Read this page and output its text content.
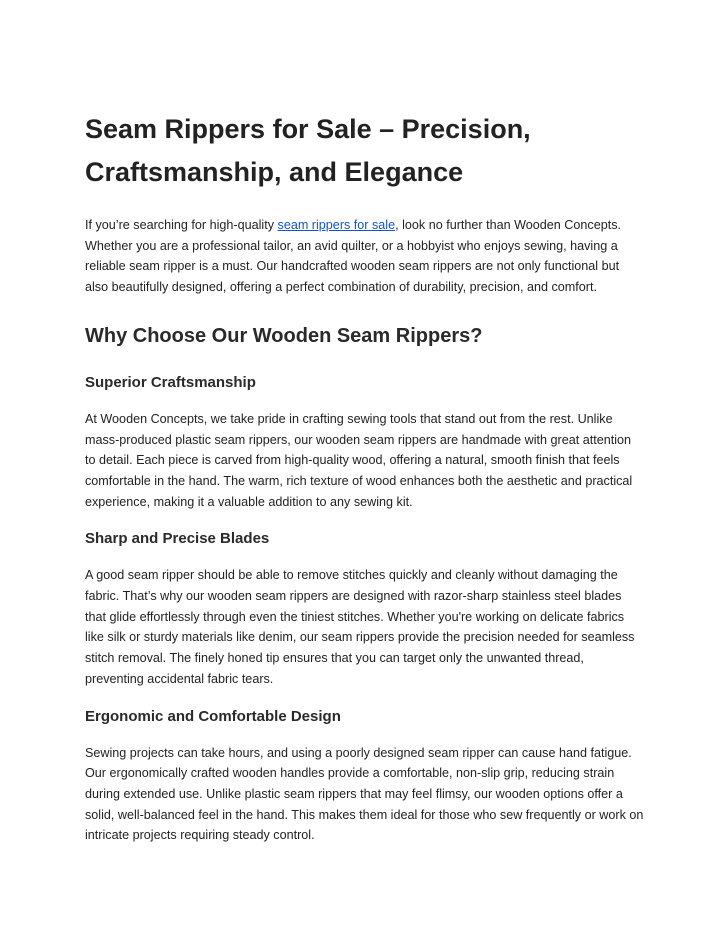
Seam Rippers for Sale – Precision, Craftsmanship, and Elegance

If you’re searching for high-quality seam rippers for sale, look no further than Wooden Concepts. Whether you are a professional tailor, an avid quilter, or a hobbyist who enjoys sewing, having a reliable seam ripper is a must. Our handcrafted wooden seam rippers are not only functional but also beautifully designed, offering a perfect combination of durability, precision, and comfort.

Why Choose Our Wooden Seam Rippers?
Superior Craftsmanship

At Wooden Concepts, we take pride in crafting sewing tools that stand out from the rest. Unlike mass-produced plastic seam rippers, our wooden seam rippers are handmade with great attention to detail. Each piece is carved from high-quality wood, offering a natural, smooth finish that feels comfortable in the hand. The warm, rich texture of wood enhances both the aesthetic and practical experience, making it a valuable addition to any sewing kit.

Sharp and Precise Blades

A good seam ripper should be able to remove stitches quickly and cleanly without damaging the fabric. That’s why our wooden seam rippers are designed with razor-sharp stainless steel blades that glide effortlessly through even the tiniest stitches. Whether you're working on delicate fabrics like silk or sturdy materials like denim, our seam rippers provide the precision needed for seamless stitch removal. The finely honed tip ensures that you can target only the unwanted thread, preventing accidental fabric tears.

Ergonomic and Comfortable Design

Sewing projects can take hours, and using a poorly designed seam ripper can cause hand fatigue. Our ergonomically crafted wooden handles provide a comfortable, non-slip grip, reducing strain during extended use. Unlike plastic seam rippers that may feel flimsy, our wooden options offer a solid, well-balanced feel in the hand. This makes them ideal for those who sew frequently or work on intricate projects requiring steady control.
